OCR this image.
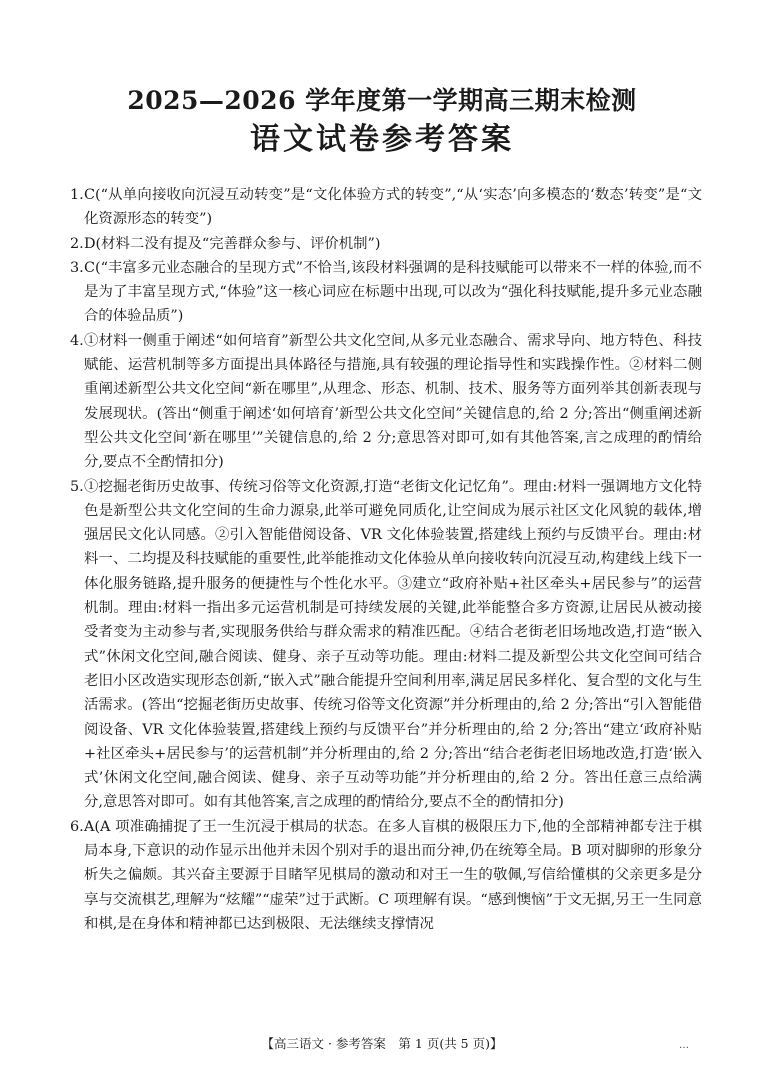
2025—2026 学年度第一学期高三期末检测
语文试卷参考答案
1. C(“从单向接收向沉浸互动转变”是“文化体验方式的转变”,“从‘实态’向多模态的‘数态’转变”是“文化资源形态的转变”)
2. D(材料二没有提及“完善群众参与、评价机制”)
3. C(“丰富多元业态融合的呈现方式”不恰当,该段材料强调的是科技赋能可以带来不一样的体验,而不是为了丰富呈现方式,“体验”这一核心词应在标题中出现,可以改为“强化科技赋能,提升多元业态融合的体验品质”)
4. ①材料一侧重于阐述“如何培育”新型公共文化空间,从多元业态融合、需求导向、地方特色、科技赋能、运营机制等多方面提出具体路径与措施,具有较强的理论指导性和实践操作性。②材料二侧重阐述新型公共文化空间“新在哪里”,从理念、形态、机制、技术、服务等方面列举其创新表现与发展现状。(答出“侧重于阐述‘如何培育’新型公共文化空间”关键信息的,给 2 分;答出“侧重阐述新型公共文化空间‘新在哪里’”关键信息的,给 2 分;意思答对即可,如有其他答案,言之成理的酌情给分,要点不全酌情扣分)
5. ①挖掘老街历史故事、传统习俗等文化资源,打造“老街文化记忆角”。理由:材料一强调地方文化特色是新型公共文化空间的生命力源泉,此举可避免同质化,让空间成为展示社区文化风貌的载体,增强居民文化认同感。②引入智能借阅设备、VR 文化体验装置,搭建线上预约与反馈平台。理由:材料一、二均提及科技赋能的重要性,此举能推动文化体验从单向接收转向沉浸互动,构建线上线下一体化服务链路,提升服务的便捷性与个性化水平。③建立“政府补贴+社区牵头+居民参与”的运营机制。理由:材料一指出多元运营机制是可持续发展的关键,此举能整合多方资源,让居民从被动接受者变为主动参与者,实现服务供给与群众需求的精准匹配。④结合老街老旧场地改造,打造“嵌入式”休闲文化空间,融合阅读、健身、亲子互动等功能。理由:材料二提及新型公共文化空间可结合老旧小区改造实现形态创新,“嵌入式”融合能提升空间利用率,满足居民多样化、复合型的文化与生活需求。(答出“挖掘老街历史故事、传统习俗等文化资源”并分析理由的,给 2 分;答出“引入智能借阅设备、VR 文化体验装置,搭建线上预约与反馈平台”并分析理由的,给 2 分;答出“建立‘政府补贴+社区牵头+居民参与’的运营机制”并分析理由的,给 2 分;答出“结合老街老旧场地改造,打造‘嵌入式’休闲文化空间,融合阅读、健身、亲子互动等功能”并分析理由的,给 2 分。答出任意三点给满分,意思答对即可。如有其他答案,言之成理的酌情给分,要点不全的酌情扣分)
6. A(A 项准确捕捉了王一生沉浸于棋局的状态。在多人盲棋的极限压力下,他的全部精神都专注于棋局本身,下意识的动作显示出他并未因个别对手的退出而分神,仍在统筹全局。B 项对脚卵的形象分析失之偏颇。其兴奋主要源于目睹罕见棋局的激动和对王一生的敬佩,写信给懂棋的父亲更多是分享与交流棋艺,理解为“炫耀”“虚荣”过于武断。C 项理解有误。“感到懊恼”于文无据,另王一生同意和棋,是在身体和精神都已达到极限、无法继续支撑情况
【高三语文 · 参考答案　第 1 页(共 5 页)】	…
